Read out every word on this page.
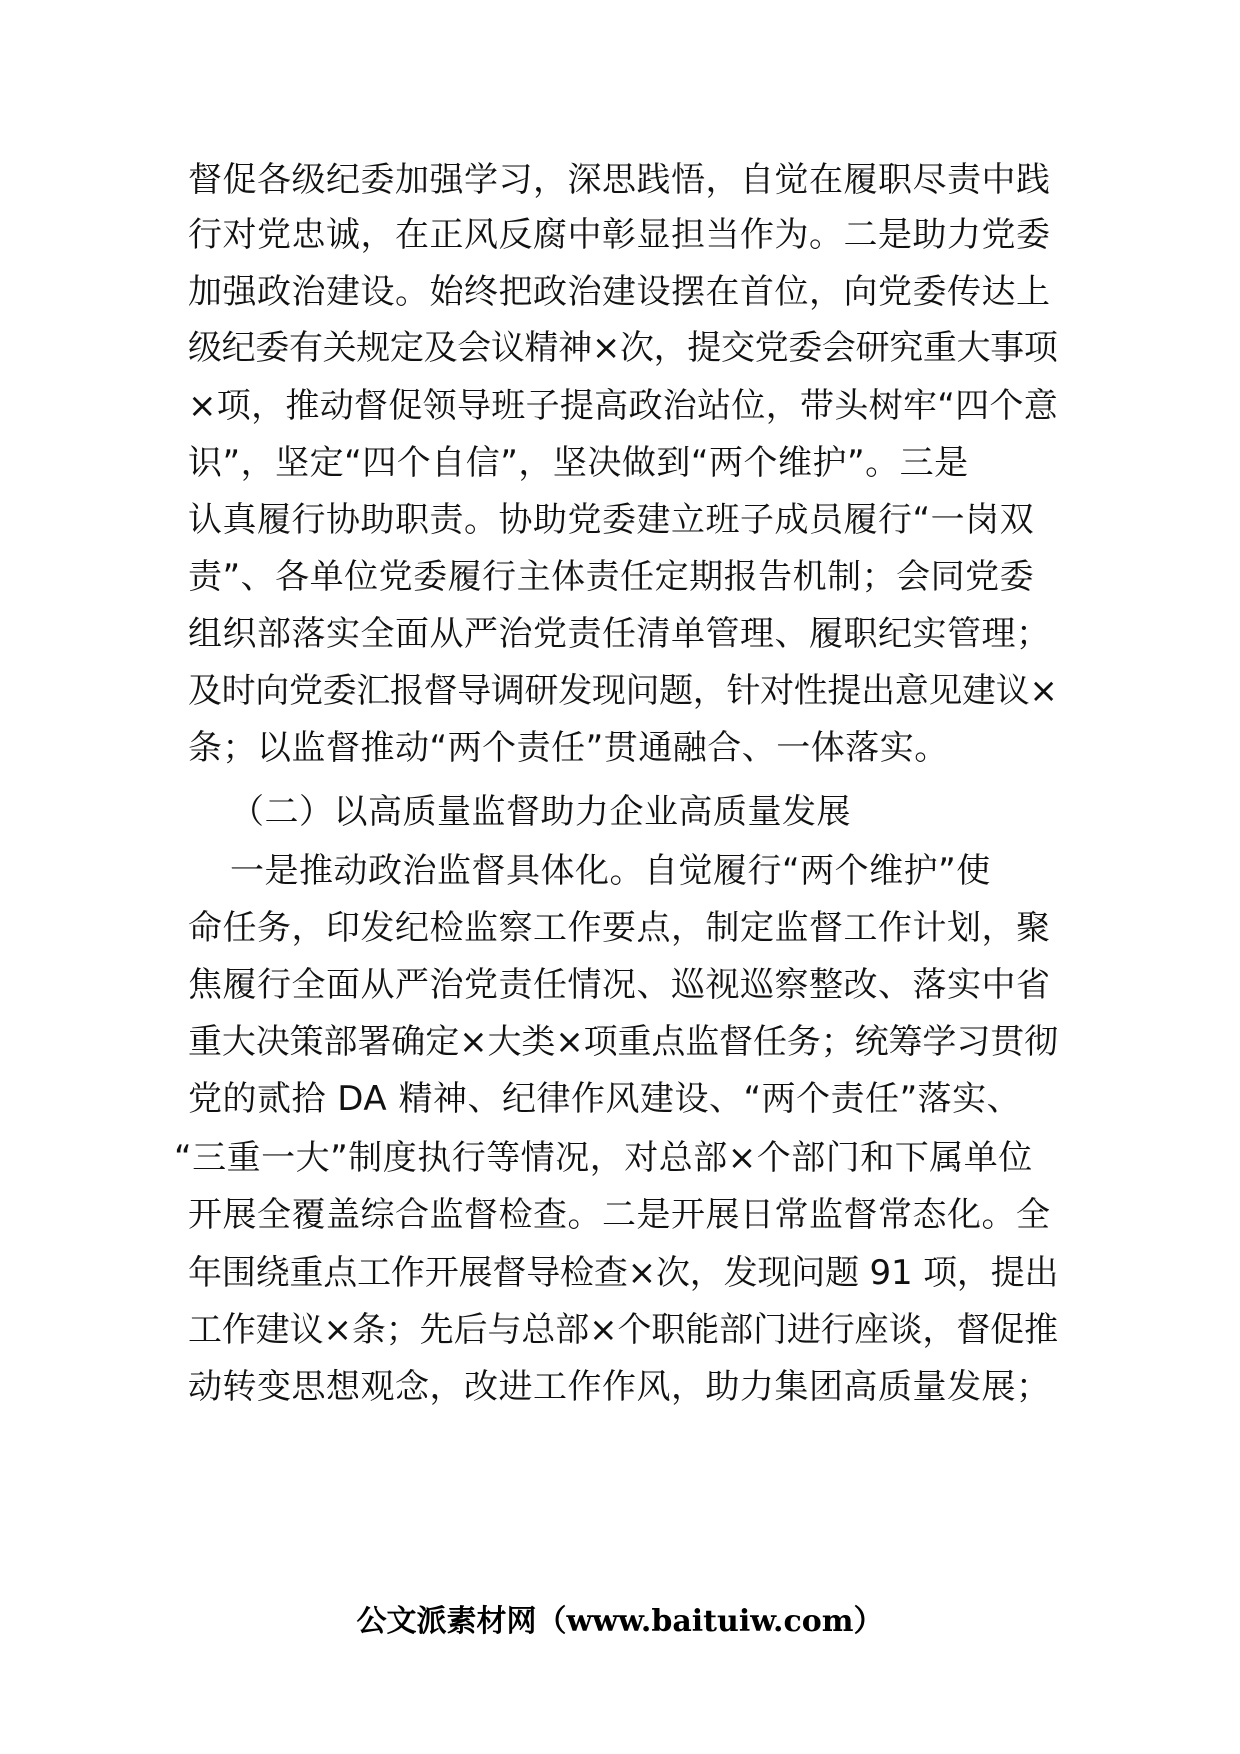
督促各级纪委加强学习，深思践悟，自觉在履职尽责中践
行对党忠诚，在正风反腐中彰显担当作为。二是助力党委
加强政治建设。始终把政治建设摆在首位，向党委传达上
级纪委有关规定及会议精神×次，提交党委会研究重大事项
×项，推动督促领导班子提高政治站位，带头树牢“四个意
识”，坚定“四个自信”，坚决做到“两个维护”。三是
认真履行协助职责。协助党委建立班子成员履行“一岗双
责”、各单位党委履行主体责任定期报告机制；会同党委
组织部落实全面从严治党责任清单管理、履职纪实管理；
及时向党委汇报督导调研发现问题，针对性提出意见建议×
条；以监督推动“两个责任”贯通融合、一体落实。
（二）以高质量监督助力企业高质量发展
一是推动政治监督具体化。自觉履行“两个维护”使
命任务，印发纪检监察工作要点，制定监督工作计划，聚
焦履行全面从严治党责任情况、巡视巡察整改、落实中省
重大决策部署确定×大类×项重点监督任务；统筹学习贯彻
党的贰拾 DA 精神、纪律作风建设、“两个责任”落实、
“三重一大”制度执行等情况，对总部×个部门和下属单位
开展全覆盖综合监督检查。二是开展日常监督常态化。全
年围绕重点工作开展督导检查×次，发现问题 91 项，提出
工作建议×条；先后与总部×个职能部门进行座谈，督促推
动转变思想观念，改进工作作风，助力集团高质量发展；
公文派素材网（www.baituiw.com）
